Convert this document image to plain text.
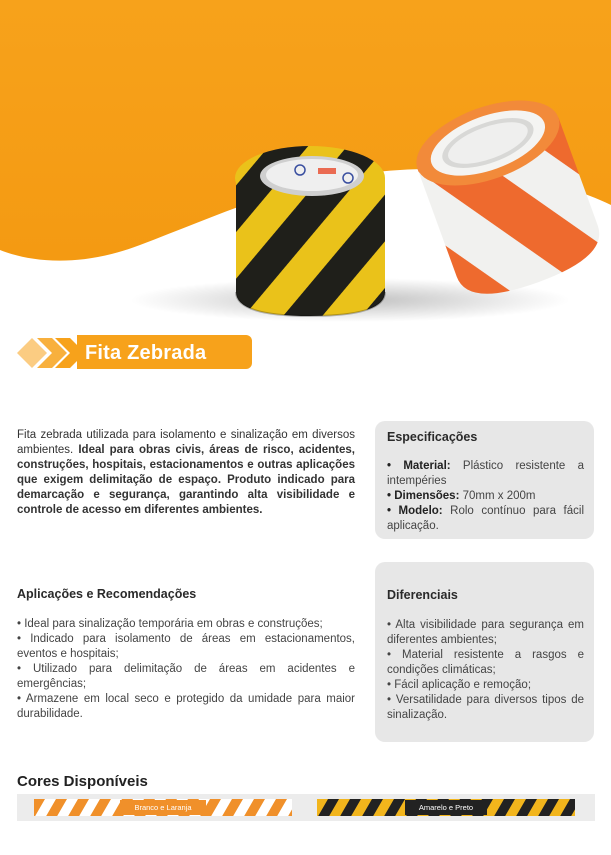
Fita Zebrada
Fita zebrada utilizada para isolamento e sinalização em diversos ambientes. Ideal para obras civis, áreas de risco, acidentes, construções, hospitais, estacionamentos e outras aplicações que exigem delimitação de espaço. Produto indicado para demarcação e segurança, garantindo alta visibilidade e controle de acesso em diferentes ambientes.
Especificações
• Material: Plástico resistente a intempéries
• Dimensões: 70mm x 200m
• Modelo: Rolo contínuo para fácil aplicação.
Aplicações e Recomendações
• Ideal para sinalização temporária em obras e construções;
• Indicado para isolamento de áreas em estacionamentos, eventos e hospitais;
• Utilizado para delimitação de áreas em acidentes e emergências;
• Armazene em local seco e protegido da umidade para maior durabilidade.
Diferenciais
• Alta visibilidade para segurança em diferentes ambientes;
• Material resistente a rasgos e condições climáticas;
• Fácil aplicação e remoção;
• Versatilidade para diversos tipos de sinalização.
Cores Disponíveis
Branco e Laranja	Amarelo e Preto
